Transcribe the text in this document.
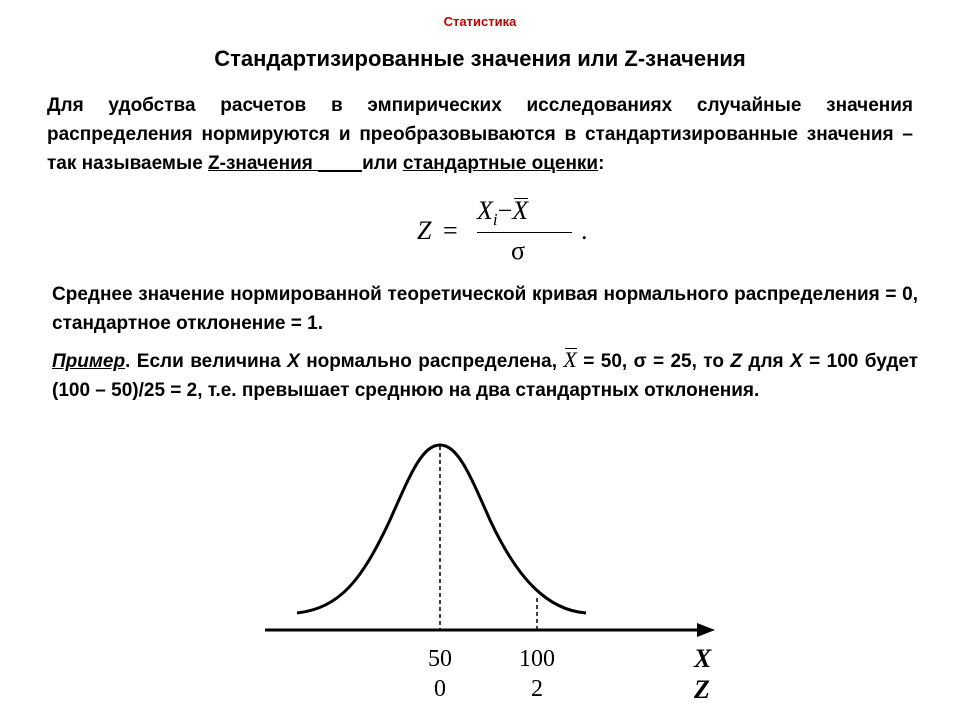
Статистика
Стандартизированные значения или Z-значения
Для удобства расчетов в эмпирических исследованиях случайные значения распределения нормируются и преобразовываются в стандартизированные значения – так называемые Z-значения или стандартные оценки:
Z =
$X_i-X$
σ
.
Среднее значение нормированной теоретической кривая нормального распределения = 0, стандартное отклонение = 1.
Пример. Если величина X нормально распределена, X = 50, σ = 25, то Z для X = 100 будет (100 – 50)/25 = 2, т.е. превышает среднюю на два стандартных отклонения.
50
0
100
2
X
Z
